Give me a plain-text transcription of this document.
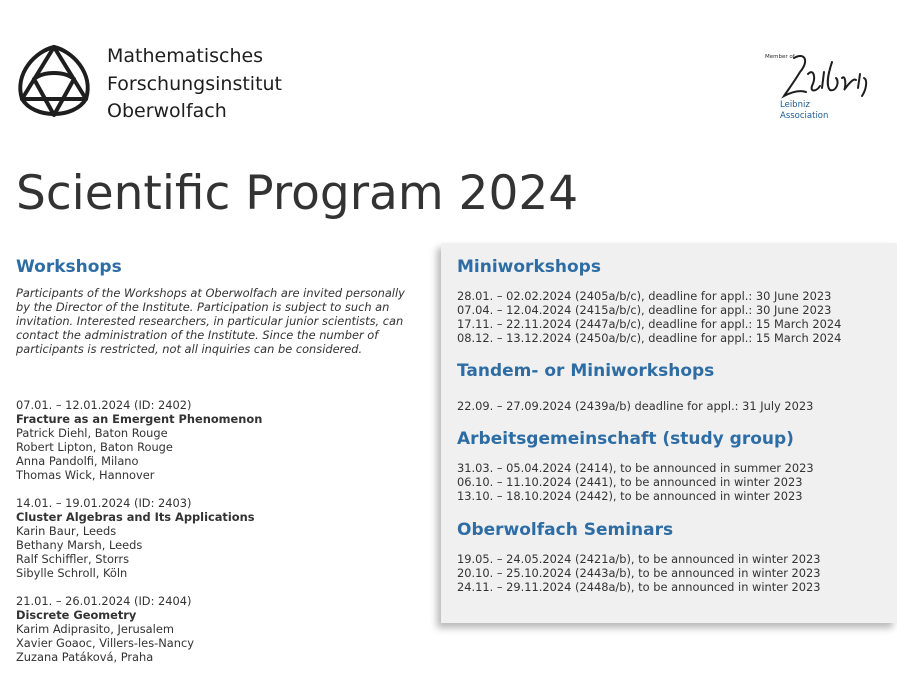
Mathematisches
Forschungsinstitut
Oberwolfach
Member of
Leibniz
Association
Scientific Program 2024
Workshops

Participants of the Workshops at Oberwolfach are invited personally by the Director of the Institute. Participation is subject to such an invitation. Interested researchers, in particular junior scientists, can contact the administration of the Institute. Since the number of participants is restricted, not all inquiries can be considered.

07.01. – 12.01.2024 (ID: 2402)
Fracture as an Emergent Phenomenon
Patrick Diehl, Baton Rouge
Robert Lipton, Baton Rouge
Anna Pandolfi, Milano
Thomas Wick, Hannover
14.01. – 19.01.2024 (ID: 2403)
Cluster Algebras and Its Applications
Karin Baur, Leeds
Bethany Marsh, Leeds
Ralf Schiffler, Storrs
Sibylle Schroll, Köln
21.01. – 26.01.2024 (ID: 2404)
Discrete Geometry
Karim Adiprasito, Jerusalem
Xavier Goaoc, Villers-les-Nancy
Zuzana Patáková, Praha
Miniworkshops
28.01. – 02.02.2024 (2405a/b/c), deadline for appl.: 30 June 2023
07.04. – 12.04.2024 (2415a/b/c), deadline for appl.: 30 June 2023
17.11. – 22.11.2024 (2447a/b/c), deadline for appl.: 15 March 2024
08.12. – 13.12.2024 (2450a/b/c), deadline for appl.: 15 March 2024
Tandem- or Miniworkshops
22.09. – 27.09.2024 (2439a/b) deadline for appl.: 31 July 2023
Arbeitsgemeinschaft (study group)
31.03. – 05.04.2024 (2414), to be announced in summer 2023
06.10. – 11.10.2024 (2441), to be announced in winter 2023
13.10. – 18.10.2024 (2442), to be announced in winter 2023
Oberwolfach Seminars
19.05. – 24.05.2024 (2421a/b), to be announced in winter 2023
20.10. – 25.10.2024 (2443a/b), to be announced in winter 2023
24.11. – 29.11.2024 (2448a/b), to be announced in winter 2023
